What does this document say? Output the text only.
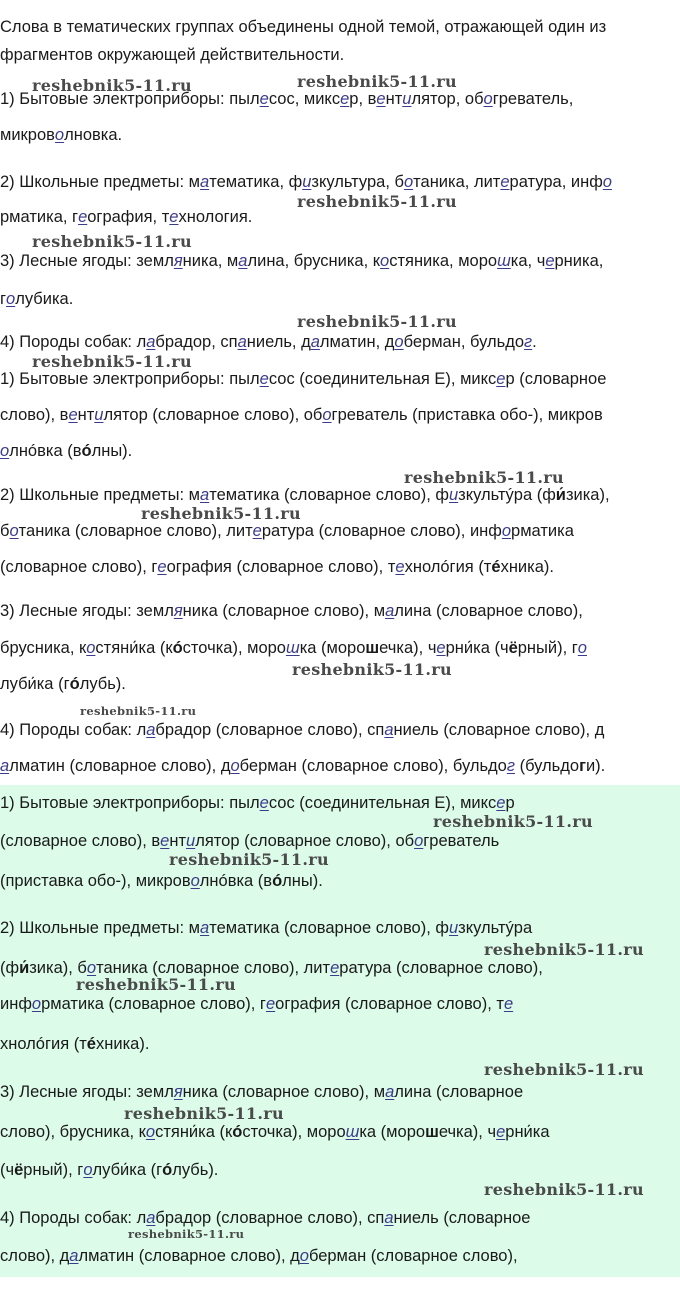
Слова в тематических группах объединены одной темой, отражающей один из
фрагментов окружающей действительности.
1) Бытовые электроприборы: пылесос, миксер, вентилятор, обогреватель,
микроволновка.
2) Школьные предметы: математика, физкультура, ботаника, литература, инфо
рматика, география, технология.
3) Лесные ягоды: земляника, малина, брусника, костяника, морошка, черника,
голубика.
4) Породы собак: лабрадор, спаниель, далматин, доберман, бульдог.
1) Бытовые электроприборы: пылесос (соединительная Е), миксер (словарное
слово), вентилятор (словарное слово), обогреватель (приставка обо-), микров
олнóвка (вóлны).
2) Школьные предметы: математика (словарное слово), физкультýра (фи́зика),
ботаника (словарное слово), литература (словарное слово), информатика
(словарное слово), география (словарное слово), технолóгия (тéхника).
3) Лесные ягоды: земляника (словарное слово), малина (словарное слово),
брусника, костяни́ка (кóсточка), морошка (морошечка), черни́ка (чёрный), го
луби́ка (гóлубь).
4) Породы собак: лабрадор (словарное слово), спаниель (словарное слово), д
алматин (словарное слово), доберман (словарное слово), бульдог (бульдоги).
1) Бытовые электроприборы: пылесос (соединительная Е), миксер
(словарное слово), вентилятор (словарное слово), обогреватель
(приставка обо-), микроволнóвка (вóлны).
2) Школьные предметы: математика (словарное слово), физкультýра
(фи́зика), ботаника (словарное слово), литература (словарное слово),
информатика (словарное слово), география (словарное слово), те
хнолóгия (тéхника).
3) Лесные ягоды: земляника (словарное слово), малина (словарное
слово), брусника, костяни́ка (кóсточка), морошка (морошечка), черни́ка
(чёрный), голуби́ка (гóлубь).
4) Породы собак: лабрадор (словарное слово), спаниель (словарное
слово), далматин (словарное слово), доберман (словарное слово),
reshebnik5-11.ru	reshebnik5-11.ru
reshebnik5-11.ru
reshebnik5-11.ru
reshebnik5-11.ru
reshebnik5-11.ru
reshebnik5-11.ru
reshebnik5-11.ru
reshebnik5-11.ru
reshebnik5-11.ru
reshebnik5-11.ru
reshebnik5-11.ru
reshebnik5-11.ru
reshebnik5-11.ru
reshebnik5-11.ru
reshebnik5-11.ru
reshebnik5-11.ru
reshebnik5-11.ru
